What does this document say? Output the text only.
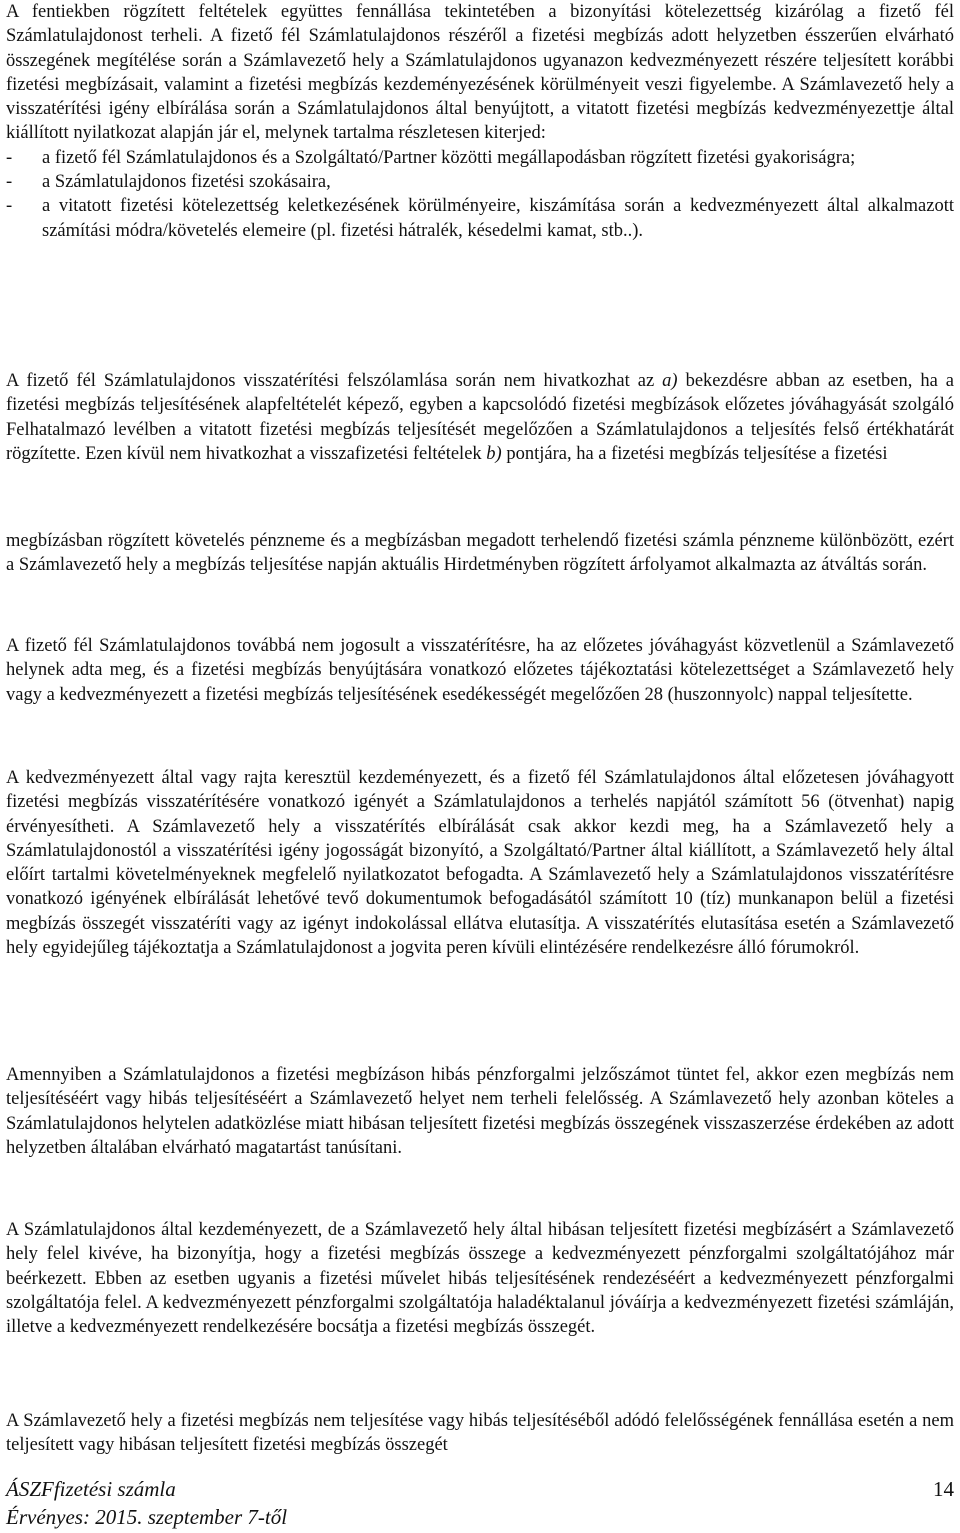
A fentiekben rögzített feltételek együttes fennállása tekintetében a bizonyítási kötelezettség kizárólag a fizető fél Számlatulajdonost terheli. A fizető fél Számlatulajdonos részéről a fizetési megbízás adott helyzetben ésszerűen elvárható összegének megítélése során a Számlavezető hely a Számlatulajdonos ugyanazon kedvezményezett részére teljesített korábbi fizetési megbízásait, valamint a fizetési megbízás kezdeményezésének körülményeit veszi figyelembe. A Számlavezető hely a visszatérítési igény elbírálása során a Számlatulajdonos által benyújtott, a vitatott fizetési megbízás kedvezményezettje által kiállított nyilatkozat alapján jár el, melynek tartalma részletesen kiterjed:

- a fizető fél Számlatulajdonos és a Szolgáltató/Partner közötti megállapodásban rögzített fizetési gyakoriságra;

- a Számlatulajdonos fizetési szokásaira,

- a vitatott fizetési kötelezettség keletkezésének körülményeire, kiszámítása során a kedvezményezett által alkalmazott számítási módra/követelés elemeire (pl. fizetési hátralék, késedelmi kamat, stb..).

A fizető fél Számlatulajdonos visszatérítési felszólamlása során nem hivatkozhat az a) bekezdésre abban az esetben, ha a fizetési megbízás teljesítésének alapfeltételét képező, egyben a kapcsolódó fizetési megbízások előzetes jóváhagyását szolgáló Felhatalmazó levélben a vitatott fizetési megbízás teljesítését megelőzően a Számlatulajdonos a teljesítés felső értékhatárát rögzítette. Ezen kívül nem hivatkozhat a visszafizetési feltételek b) pontjára, ha a fizetési megbízás teljesítése a fizetési

megbízásban rögzített követelés pénzneme és a megbízásban megadott terhelendő fizetési számla pénzneme különbözött, ezért a Számlavezető hely a megbízás teljesítése napján aktuális Hirdetményben rögzített árfolyamot alkalmazta az átváltás során.

A fizető fél Számlatulajdonos továbbá nem jogosult a visszatérítésre, ha az előzetes jóváhagyást közvetlenül a Számlavezető helynek adta meg, és a fizetési megbízás benyújtására vonatkozó előzetes tájékoztatási kötelezettséget a Számlavezető hely vagy a kedvezményezett a fizetési megbízás teljesítésének esedékességét megelőzően 28 (huszonnyolc) nappal teljesítette.

A kedvezményezett által vagy rajta keresztül kezdeményezett, és a fizető fél Számlatulajdonos által előzetesen jóváhagyott fizetési megbízás visszatérítésére vonatkozó igényét a Számlatulajdonos a terhelés napjától számított 56 (ötvenhat) napig érvényesítheti. A Számlavezető hely a visszatérítés elbírálását csak akkor kezdi meg, ha a Számlavezető hely a Számlatulajdonostól a visszatérítési igény jogosságát bizonyító, a Szolgáltató/Partner által kiállított, a Számlavezető hely által előírt tartalmi követelményeknek megfelelő nyilatkozatot befogadta. A Számlavezető hely a Számlatulajdonos visszatérítésre vonatkozó igényének elbírálását lehetővé tevő dokumentumok befogadásától számított 10 (tíz) munkanapon belül a fizetési megbízás összegét visszatéríti vagy az igényt indokolással ellátva elutasítja. A visszatérítés elutasítása esetén a Számlavezető hely egyidejűleg tájékoztatja a Számlatulajdonost a jogvita peren kívüli elintézésére rendelkezésre álló fórumokról.

Amennyiben a Számlatulajdonos a fizetési megbízáson hibás pénzforgalmi jelzőszámot tüntet fel, akkor ezen megbízás nem teljesítéséért vagy hibás teljesítéséért a Számlavezető helyet nem terheli felelősség. A Számlavezető hely azonban köteles a Számlatulajdonos helytelen adatközlése miatt hibásan teljesített fizetési megbízás összegének visszaszerzése érdekében az adott helyzetben általában elvárható magatartást tanúsítani.

A Számlatulajdonos által kezdeményezett, de a Számlavezető hely által hibásan teljesített fizetési megbízásért a Számlavezető hely felel kivéve, ha bizonyítja, hogy a fizetési megbízás összege a kedvezményezett pénzforgalmi szolgáltatójához már beérkezett. Ebben az esetben ugyanis a fizetési művelet hibás teljesítésének rendezéséért a kedvezményezett pénzforgalmi szolgáltatója felel. A kedvezményezett pénzforgalmi szolgáltatója haladéktalanul jóváírja a kedvezményezett fizetési számláján, illetve a kedvezményezett rendelkezésére bocsátja a fizetési megbízás összegét.

A Számlavezető hely a fizetési megbízás nem teljesítése vagy hibás teljesítéséből adódó felelősségének fennállása esetén a nem teljesített vagy hibásan teljesített fizetési megbízás összegét

ÁSZFfizetési számla	14
Érvényes: 2015. szeptember 7-től
